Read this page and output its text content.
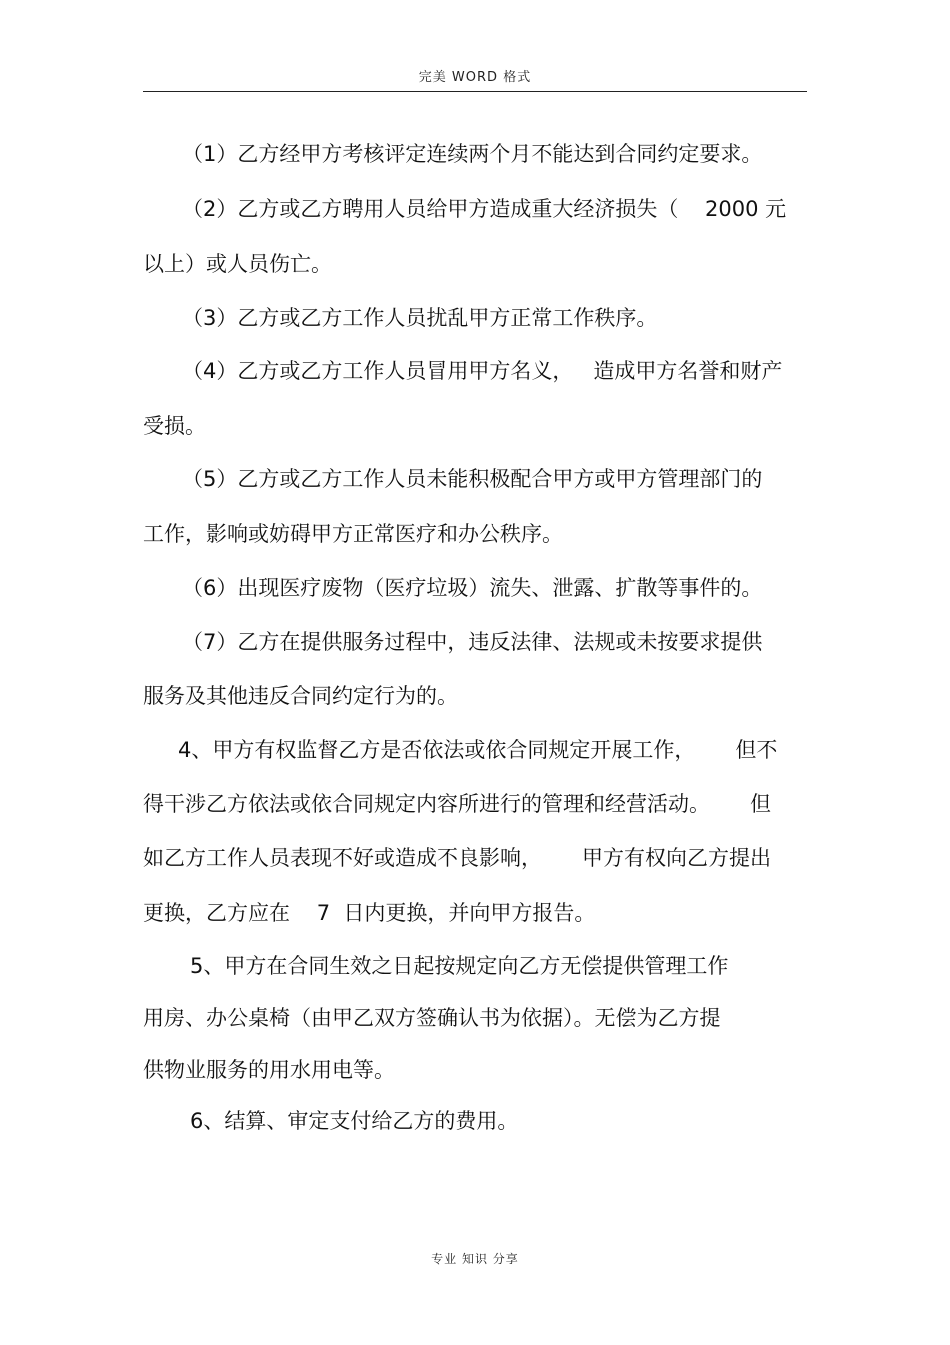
完美 WORD 格式
（1）乙方经甲方考核评定连续两个月不能达到合同约定要求。
（2）乙方或乙方聘用人员给甲方造成重大经济损失（    2000 元
以上）或人员伤亡。
（3）乙方或乙方工作人员扰乱甲方正常工作秩序。
（4）乙方或乙方工作人员冒用甲方名义，   造成甲方名誉和财产
受损。
（5）乙方或乙方工作人员未能积极配合甲方或甲方管理部门的
工作，影响或妨碍甲方正常医疗和办公秩序。
（6）出现医疗废物（医疗垃圾）流失、泄露、扩散等事件的。
（7）乙方在提供服务过程中，违反法律、法规或未按要求提供
服务及其他违反合同约定行为的。
4、甲方有权监督乙方是否依法或依合同规定开展工作，      但不
得干涉乙方依法或依合同规定内容所进行的管理和经营活动。      但
如乙方工作人员表现不好或造成不良影响，      甲方有权向乙方提出
更换，乙方应在    7  日内更换，并向甲方报告。
5、甲方在合同生效之日起按规定向乙方无偿提供管理工作
用房、办公桌椅（由甲乙双方签确认书为依据）。无偿为乙方提
供物业服务的用水用电等。
6、结算、审定支付给乙方的费用。
专业 知识 分享
